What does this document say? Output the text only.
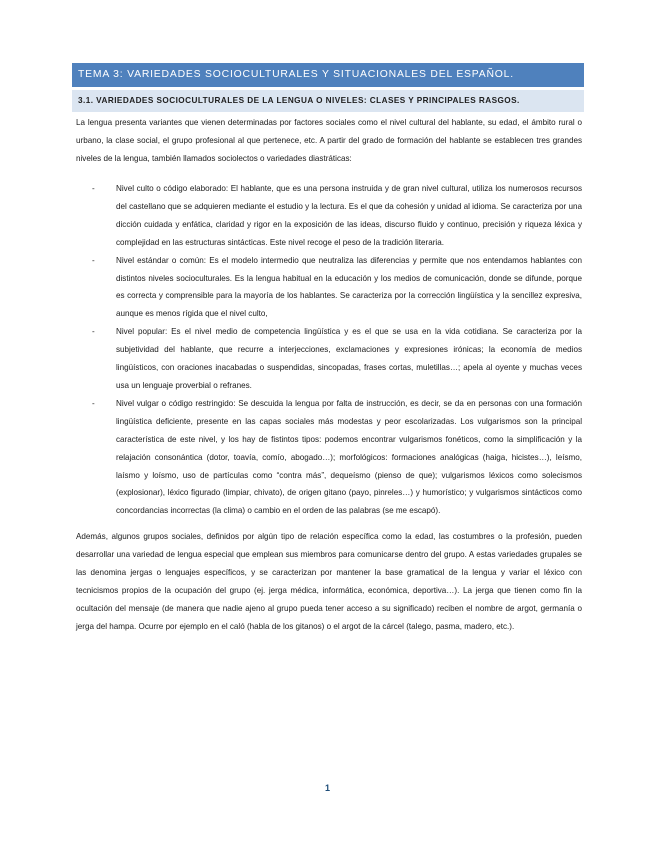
TEMA 3: VARIEDADES SOCIOCULTURALES Y SITUACIONALES DEL ESPAÑOL.
3.1. VARIEDADES SOCIOCULTURALES DE LA LENGUA O NIVELES: CLASES Y PRINCIPALES RASGOS.

La lengua presenta variantes que vienen determinadas por factores sociales como el nivel cultural del hablante, su edad, el ámbito rural o urbano, la clase social, el grupo profesional al que pertenece, etc. A partir del grado de formación del hablante se establecen tres grandes niveles de la lengua, también llamados sociolectos o variedades diastráticas:

-	Nivel culto o código elaborado: El hablante, que es una persona instruida y de gran nivel cultural, utiliza los numerosos recursos del castellano que se adquieren mediante el estudio y la lectura. Es el que da cohesión y unidad al idioma. Se caracteriza por una dicción cuidada y enfática, claridad y rigor en la exposición de las ideas, discurso fluido y continuo, precisión y riqueza léxica y complejidad en las estructuras sintácticas. Este nivel recoge el peso de la tradición literaria.
-	Nivel estándar o común: Es el modelo intermedio que neutraliza las diferencias y permite que nos entendamos hablantes con distintos niveles socioculturales. Es la lengua habitual en la educación y los medios de comunicación, donde se difunde, porque es correcta y comprensible para la mayoría de los hablantes. Se caracteriza por la corrección lingüística y la sencillez expresiva, aunque es menos rígida que el nivel culto,
-	Nivel popular: Es el nivel medio de competencia lingüística y es el que se usa en la vida cotidiana. Se caracteriza por la subjetividad del hablante, que recurre a interjecciones, exclamaciones y expresiones irónicas; la economía de medios lingüísticos, con oraciones inacabadas o suspendidas, sincopadas, frases cortas, muletillas…; apela al oyente y muchas veces usa un lenguaje proverbial o refranes.
-	Nivel vulgar o código restringido: Se descuida la lengua por falta de instrucción, es decir, se da en personas con una formación lingüística deficiente, presente en las capas sociales más modestas y peor escolarizadas. Los vulgarismos son la principal característica de este nivel, y los hay de fistintos tipos: podemos encontrar vulgarismos fonéticos, como la simplificación y la relajación consonántica (dotor, toavía, comío, abogado…); morfológicos: formaciones analógicas (haiga, hicistes…), leísmo, laísmo y loísmo, uso de partículas como “contra más”, dequeísmo (pienso de que); vulgarismos léxicos como solecismos (explosionar), léxico figurado (limpiar, chivato), de origen gitano (payo, pinreles…) y humorístico; y vulgarismos sintácticos como concordancias incorrectas (la clima) o cambio en el orden de las palabras (se me escapó).

Además, algunos grupos sociales, definidos por algún tipo de relación específica como la edad, las costumbres o la profesión, pueden desarrollar una variedad de lengua especial que emplean sus miembros para comunicarse dentro del grupo. A estas variedades grupales se las denomina jergas o lenguajes específicos, y se caracterizan por mantener la base gramatical de la lengua y variar el léxico con tecnicismos propios de la ocupación del grupo (ej. jerga médica, informática, económica, deportiva…). La jerga que tienen como fin la ocultación del mensaje (de manera que nadie ajeno al grupo pueda tener acceso a su significado) reciben el nombre de argot, germanía o jerga del hampa. Ocurre por ejemplo en el caló (habla de los gitanos) o el argot de la cárcel (talego, pasma, madero, etc.).

1
